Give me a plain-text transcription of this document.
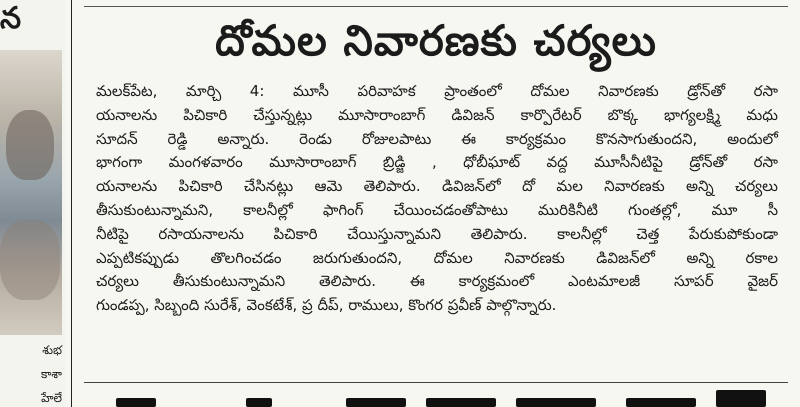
న
శుభ
కాశా
హేలే
దోమల నివారణకు చర్యలు
మలక్‌పేట, మార్చి 4: మూసీ పరివాహక ప్రాంతంలో దోమల నివారణకు డ్రోన్‌తో రసా
యనాలను పిచికారి చేస్తున్నట్లు మూసారాంబాగ్ డివిజన్ కార్పొరేటర్ బొక్క భాగ్యలక్ష్మి మధు
సూదన్ రెడ్డి అన్నారు. రెండు రోజులపాటు ఈ కార్యక్రమం కొనసాగుతుందని, అందులో
భాగంగా మంగళవారం మూసారాంబాగ్ బ్రిడ్జి , ధోబీఘాట్ వద్ద మూసీనీటిపై డ్రోన్‌తో రసా
యనాలను పిచికారి చేసినట్లు ఆమె తెలిపారు. డివిజన్‌లో దో మల నివారణకు అన్ని చర్యలు
తీసుకుంటున్నామని, కాలనీల్లో ఫాగింగ్ చేయించడంతోపాటు మురికినీటి గుంతల్లో, మూ సీ
నీటిపై రసాయనాలను పిచికారి చేయిస్తున్నామని తెలిపారు. కాలనీల్లో చెత్త పేరుకుపోకుండా
ఎప్పటికప్పుడు తొలగించడం జరుగుతుందని, దోమల నివారణకు డివిజన్‌లో అన్ని రకాల
చర్యలు తీసుకుంటున్నామని తెలిపారు. ఈ కార్యక్రమంలో ఎంటమాలజీ సూపర్ వైజర్
గుండప్ప, సిబ్బంది సురేశ్, వెంకటేశ్, ప్ర దీప్, రాములు, కొంగర ప్రవీణ్ పాల్గొన్నారు.
